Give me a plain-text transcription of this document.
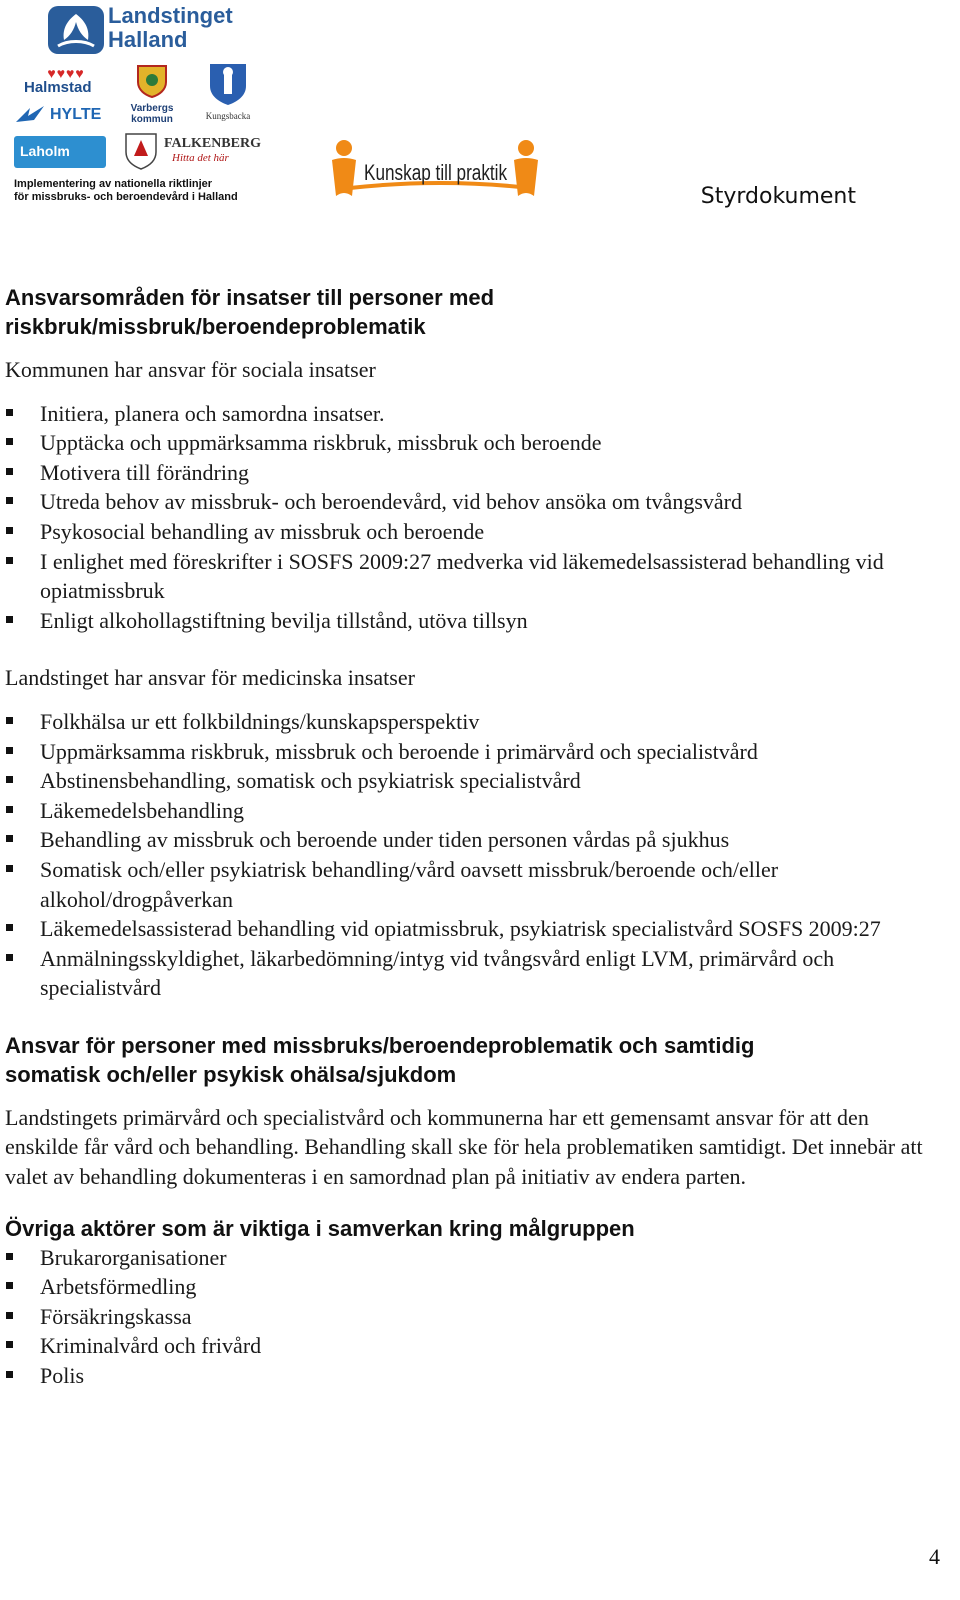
Landstinget
Halland
♥♥♥♥
Halmstad
HYLTE	Varbergs
kommun	Kungsbacka
Laholm	FALKENBERG
Hitta det här
Implementering av nationella riktlinjer
för missbruks- och beroendevård i Halland
Kunskap till praktik
Styrdokument
Ansvarsområden för insatser till personer med
riskbruk/missbruk/beroendeproblematik

Kommunen har ansvar för sociala insatser

Initiera, planera och samordna insatser.
Upptäcka och uppmärksamma riskbruk, missbruk och beroende
Motivera till förändring
Utreda behov av missbruk- och beroendevård, vid behov ansöka om tvångsvård
Psykosocial behandling av missbruk och beroende
I enlighet med föreskrifter i SOSFS 2009:27 medverka vid läkemedelsassisterad behandling vid opiatmissbruk
Enligt alkohollagstiftning bevilja tillstånd, utöva tillsyn

Landstinget har ansvar för medicinska insatser

Folkhälsa ur ett folkbildnings/kunskapsperspektiv
Uppmärksamma riskbruk, missbruk och beroende i primärvård och specialistvård
Abstinensbehandling, somatisk och psykiatrisk specialistvård
Läkemedelsbehandling
Behandling av missbruk och beroende under tiden personen vårdas på sjukhus
Somatisk och/eller psykiatrisk behandling/vård oavsett missbruk/beroende och/eller alkohol/drogpåverkan
Läkemedelsassisterad behandling vid opiatmissbruk, psykiatrisk specialistvård SOSFS 2009:27
Anmälningsskyldighet, läkarbedömning/intyg vid tvångsvård enligt LVM, primärvård och specialistvård
Ansvar för personer med missbruks/beroendeproblematik och samtidig
somatisk och/eller psykisk ohälsa/sjukdom

Landstingets primärvård och specialistvård och kommunerna har ett gemensamt ansvar för att den enskilde får vård och behandling. Behandling skall ske för hela problematiken samtidigt. Det innebär att valet av behandling dokumenteras i en samordnad plan på initiativ av endera parten.

Övriga aktörer som är viktiga i samverkan kring målgruppen
Brukarorganisationer
Arbetsförmedling
Försäkringskassa
Kriminalvård och frivård
Polis
4
